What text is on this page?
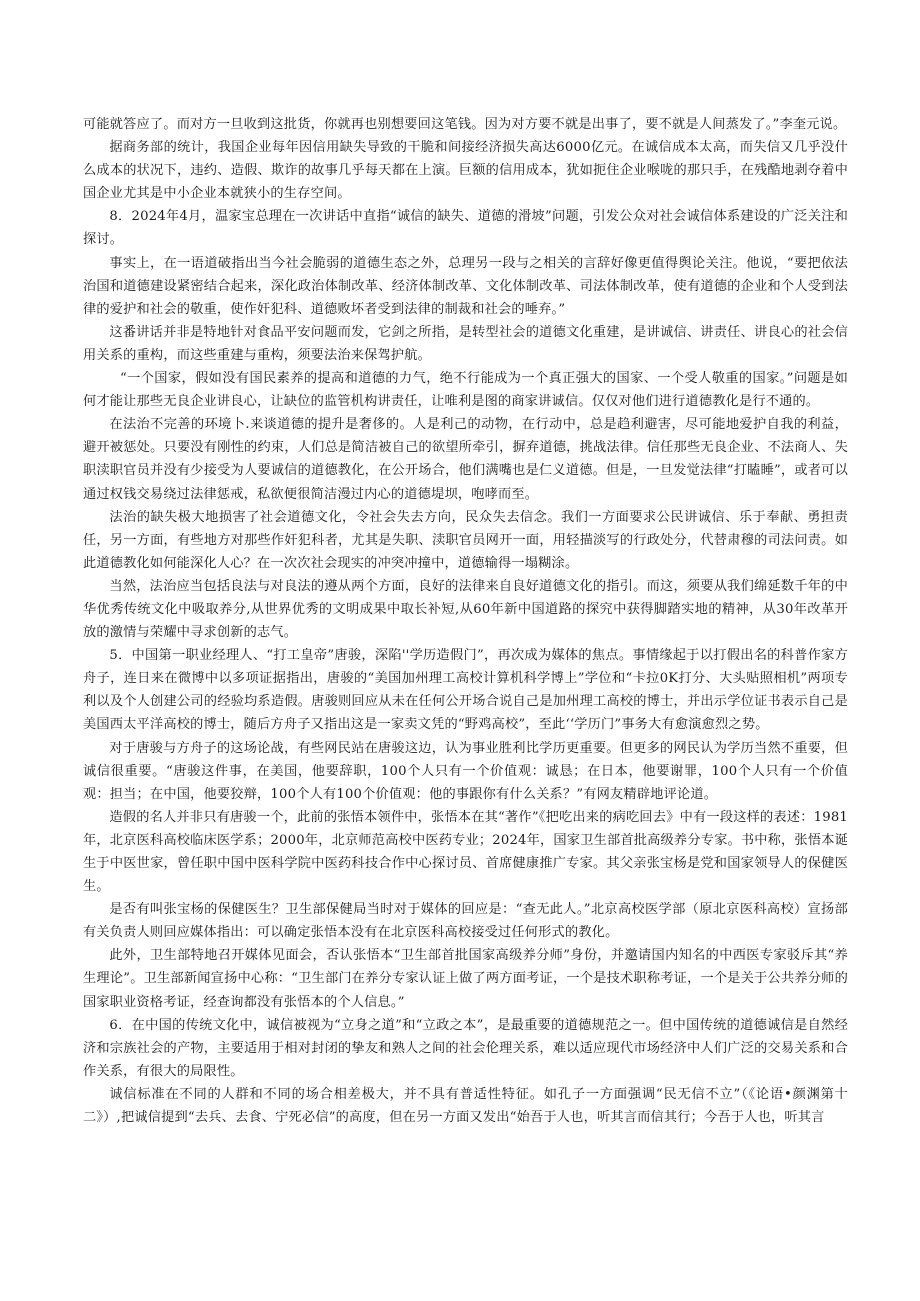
可能就答应了。而对方一旦收到这批货，你就再也别想要回这笔钱。因为对方要不就是出事了，要不就是人间蒸发了。”李奎元说。

据商务部的统计，我国企业每年因信用缺失导致的干脆和间接经济损失高达6000亿元。在诚信成本太高，而失信又几乎没什么成本的状况下，违约、造假、欺诈的故事几乎每天都在上演。巨额的信用成本，犹如扼住企业喉咙的那只手，在残酷地剥夺着中国企业尤其是中小企业本就狭小的生存空间。

8．2024年4月，温家宝总理在一次讲话中直指“诚信的缺失、道德的滑坡”问题，引发公众对社会诚信体系建设的广泛关注和探讨。

事实上，在一语道破指出当今社会脆弱的道德生态之外，总理另一段与之相关的言辞好像更值得舆论关注。他说，“要把依法治国和道德建设紧密结合起来，深化政治体制改革、经济体制改革、文化体制改革、司法体制改革，使有道德的企业和个人受到法律的爱护和社会的敬重，使作奸犯科、道德败坏者受到法律的制裁和社会的唾弃。”

这番讲话并非是特地针对食品平安问题而发，它剑之所指，是转型社会的道德文化重建，是讲诚信、讲责任、讲良心的社会信用关系的重构，而这些重建与重构，须要法治来保驾护航。

“一个国家，假如没有国民素养的提高和道德的力气，绝不行能成为一个真正强大的国家、一个受人敬重的国家。”问题是如何才能让那些无良企业讲良心，让缺位的监管机构讲责任，让唯利是图的商家讲诚信。仅仅对他们进行道德教化是行不通的。

在法治不完善的环境卜.来谈道德的提升是奢侈的。人是利己的动物，在行动中，总是趋利避害，尽可能地爱护自我的利益，避开被惩处。只要没有刚性的约束，人们总是简洁被自己的欲望所牵引，摒弃道德，挑战法律。信任那些无良企业、不法商人、失职渎职官员并没有少接受为人要诚信的道德教化，在公开场合，他们满嘴也是仁义道德。但是，一旦发觉法律“打瞌睡”，或者可以通过权钱交易绕过法律惩戒，私欲便很简洁漫过内心的道德堤坝，咆哮而至。

法治的缺失极大地损害了社会道德文化，令社会失去方向，民众失去信念。我们一方面要求公民讲诚信、乐于奉献、勇担责任，另一方面，有些地方对那些作奸犯科者，尤其是失职、渎职官员网开一面，用轻描淡写的行政处分，代替肃穆的司法问责。如此道德教化如何能深化人心？在一次次社会现实的冲突冲撞中，道德输得一塌糊涂。

当然，法治应当包括良法与对良法的遵从两个方面，良好的法律来自良好道德文化的指引。而这，须要从我们绵延数千年的中华优秀传统文化中吸取养分,从世界优秀的文明成果中取长补短,从60年新中国道路的探究中获得脚踏实地的精神，从30年改革开放的激情与荣耀中寻求创新的志气。

5．中国第一职业经理人、“打工皇帝”唐骏，深陷''学历造假门”，再次成为媒体的焦点。事情缘起于以打假出名的科普作家方舟子，连日来在微博中以多项证据指出，唐骏的“美国加州理工高校计算机科学博上”学位和“卡拉0K打分、大头贴照相机”两项专利以及个人创建公司的经验均系造假。唐骏则回应从未在任何公开场合说自己是加州理工高校的博士，并出示学位证书表示自己是美国西太平洋高校的博士，随后方舟子又指出这是一家卖文凭的“野鸡高校”，至此‘‘学历门”事务大有愈演愈烈之势。

对于唐骏与方舟子的这场论战，有些网民站在唐骏这边，认为事业胜利比学历更重要。但更多的网民认为学历当然不重要，但诚信很重要。“唐骏这件事，在美国，他要辞职，100个人只有一个价值观：诚恳；在日本，他要谢罪，100个人只有一个价值观：担当；在中国，他要狡辩，100个人有100个价值观：他的事跟你有什么关系？”有网友精辟地评论道。

造假的名人并非只有唐骏一个，此前的张悟本领件中，张悟本在其“著作”《把吃出来的病吃回去》中有一段这样的表述：1981年，北京医科高校临床医学系；2000年，北京师范高校中医药专业；2024年，国家卫生部首批高级养分专家。书中称，张悟本诞生于中医世家，曾任职中国中医科学院中医药科技合作中心探讨员、首席健康推广专家。其父亲张宝杨是党和国家领导人的保健医生。

是否有叫张宝杨的保健医生？卫生部保健局当时对于媒体的回应是：“查无此人。”北京高校医学部（原北京医科高校）宣扬部有关负责人则回应媒体指出：可以确定张悟本没有在北京医科高校接受过任何形式的教化。

此外，卫生部特地召开媒体见面会，否认张悟本“卫生部首批国家高级养分师”身份，并邀请国内知名的中西医专家驳斥其“养生理论”。卫生部新闻宣扬中心称：“卫生部门在养分专家认证上做了两方面考证，一个是技术职称考证，一个是关于公共养分师的国家职业资格考证，经查询都没有张悟本的个人信息。”

6．在中国的传统文化中，诚信被视为“立身之道”和“立政之本”，是最重要的道德规范之一。但中国传统的道德诚信是自然经济和宗族社会的产物，主要适用于相对封闭的挚友和熟人之间的社会伦理关系，难以适应现代市场经济中人们广泛的交易关系和合作关系，有很大的局限性。

诚信标准在不同的人群和不同的场合相差极大，并不具有普适性特征。如孔子一方面强调“民无信不立”（《论语•颜渊第十二》）,把诚信提到“去兵、去食、宁死必信”的高度，但在另一方面又发出“始吾于人也，听其言而信其行；今吾于人也，听其言
